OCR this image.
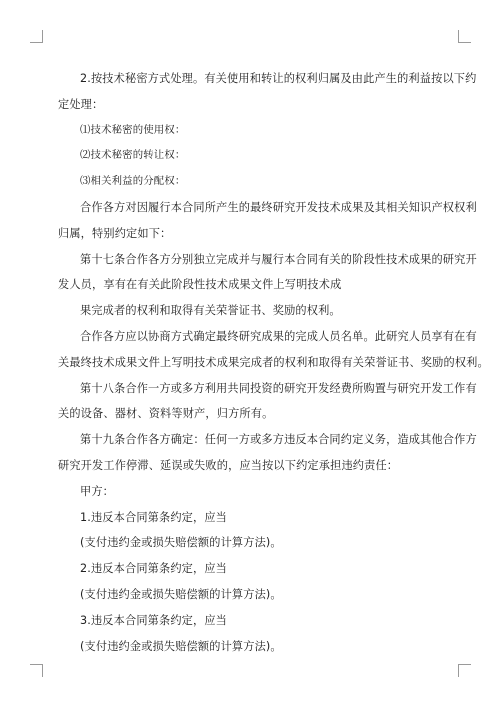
2.按技术秘密方式处理。有关使用和转让的权利归属及由此产生的利益按以下约
定处理：
⑴技术秘密的使用权：
⑵技术秘密的转让权：
⑶相关利益的分配权：
合作各方对因履行本合同所产生的最终研究开发技术成果及其相关知识产权权利
归属，特别约定如下：
第十七条合作各方分别独立完成并与履行本合同有关的阶段性技术成果的研究开
发人员，享有在有关此阶段性技术成果文件上写明技术成
果完成者的权利和取得有关荣誉证书、奖励的权利。
合作各方应以协商方式确定最终研究成果的完成人员名单。此研究人员享有在有
关最终技术成果文件上写明技术成果完成者的权利和取得有关荣誉证书、奖励的权利。
第十八条合作一方或多方利用共同投资的研究开发经费所购置与研究开发工作有
关的设备、器材、资料等财产，归方所有。
第十九条合作各方确定：任何一方或多方违反本合同约定义务，造成其他合作方
研究开发工作停滞、延误或失败的，应当按以下约定承担违约责任：
甲方：
1.违反本合同第条约定，应当
(支付违约金或损失赔偿额的计算方法)。
2.违反本合同第条约定，应当
(支付违约金或损失赔偿额的计算方法)。
3.违反本合同第条约定，应当
(支付违约金或损失赔偿额的计算方法)。
